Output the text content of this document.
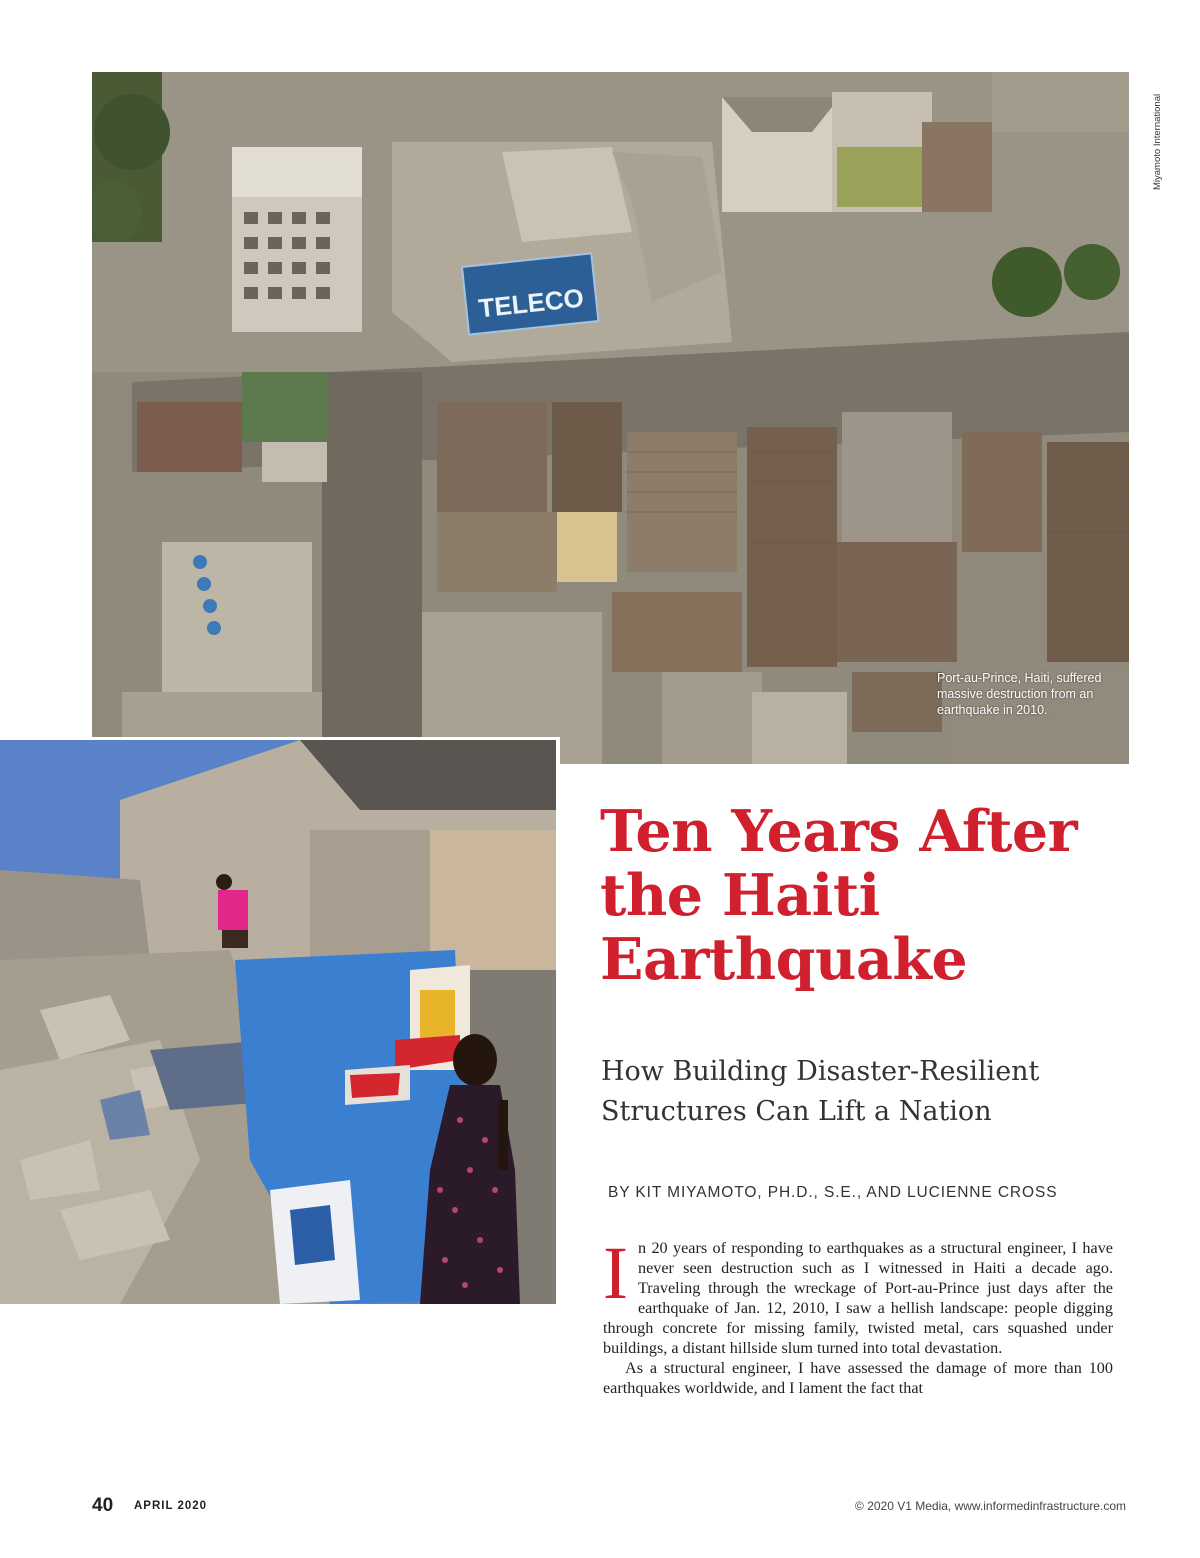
TELECO
Miyamoto International
Port-au-Prince, Haiti, suffered massive destruction from an earthquake in 2010.
Ten Years After the Haiti Earthquake
How Building Disaster-Resilient Structures Can Lift a Nation

BY KIT MIYAMOTO, PH.D., S.E., AND LUCIENNE CROSS

In 20 years of responding to earthquakes as a structural engineer, I have never seen destruction such as I witnessed in Haiti a decade ago. Traveling through the wreckage of Port-au-Prince just days after the earthquake of Jan. 12, 2010, I saw a hellish landscape: people digging through concrete for missing family, twisted metal, cars squashed under buildings, a distant hillside slum turned into total devastation.

As a structural engineer, I have assessed the damage of more than 100 earthquakes worldwide, and I lament the fact that

40 APRIL 2020	© 2020 V1 Media, www.informedinfrastructure.com
